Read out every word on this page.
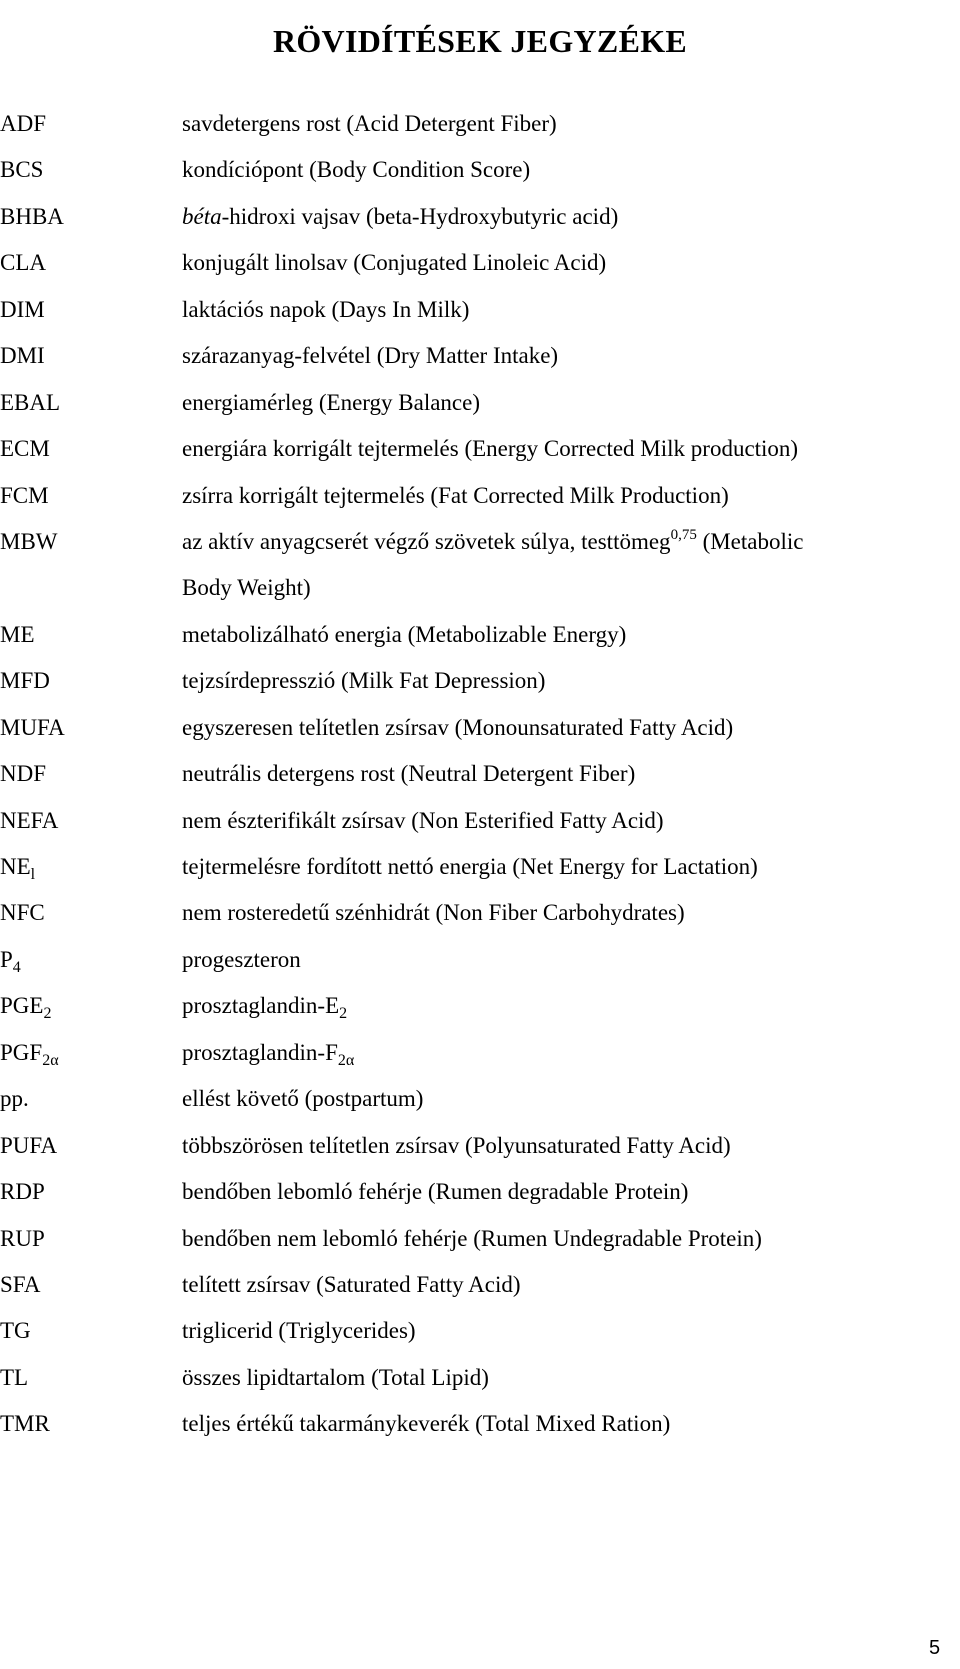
RÖVIDÍTÉSEK JEGYZÉKE
ADF	savdetergens rost (Acid Detergent Fiber)
BCS	kondíciópont (Body Condition Score)
BHBA	béta-hidroxi vajsav (beta-Hydroxybutyric acid)
CLA	konjugált linolsav (Conjugated Linoleic Acid)
DIM	laktációs napok (Days In Milk)
DMI	szárazanyag-felvétel (Dry Matter Intake)
EBAL	energiamérleg (Energy Balance)
ECM	energiára korrigált tejtermelés (Energy Corrected Milk production)
FCM	zsírra korrigált tejtermelés (Fat Corrected Milk Production)
MBW	az aktív anyagcserét végző szövetek súlya, testtömeg$^{0,75}$ (Metabolic
Body Weight)
ME	metabolizálható energia (Metabolizable Energy)
MFD	tejzsírdepresszió (Milk Fat Depression)
MUFA	egyszeresen telítetlen zsírsav (Monounsaturated Fatty Acid)
NDF	neutrális detergens rost (Neutral Detergent Fiber)
NEFA	nem észterifikált zsírsav (Non Esterified Fatty Acid)
$NE_l$	tejtermelésre fordított nettó energia (Net Energy for Lactation)
NFC	nem rosteredetű szénhidrát (Non Fiber Carbohydrates)
$P_4$	progeszteron
$PGE_2$	prosztaglandin-$E_2$
$PGF_{2\alpha}$	prosztaglandin-$F_{2\alpha}$
pp.	ellést követő (postpartum)
PUFA	többszörösen telítetlen zsírsav (Polyunsaturated Fatty Acid)
RDP	bendőben lebomló fehérje (Rumen degradable Protein)
RUP	bendőben nem lebomló fehérje (Rumen Undegradable Protein)
SFA	telített zsírsav (Saturated Fatty Acid)
TG	triglicerid (Triglycerides)
TL	összes lipidtartalom (Total Lipid)
TMR	teljes értékű takarmánykeverék (Total Mixed Ration)
5
